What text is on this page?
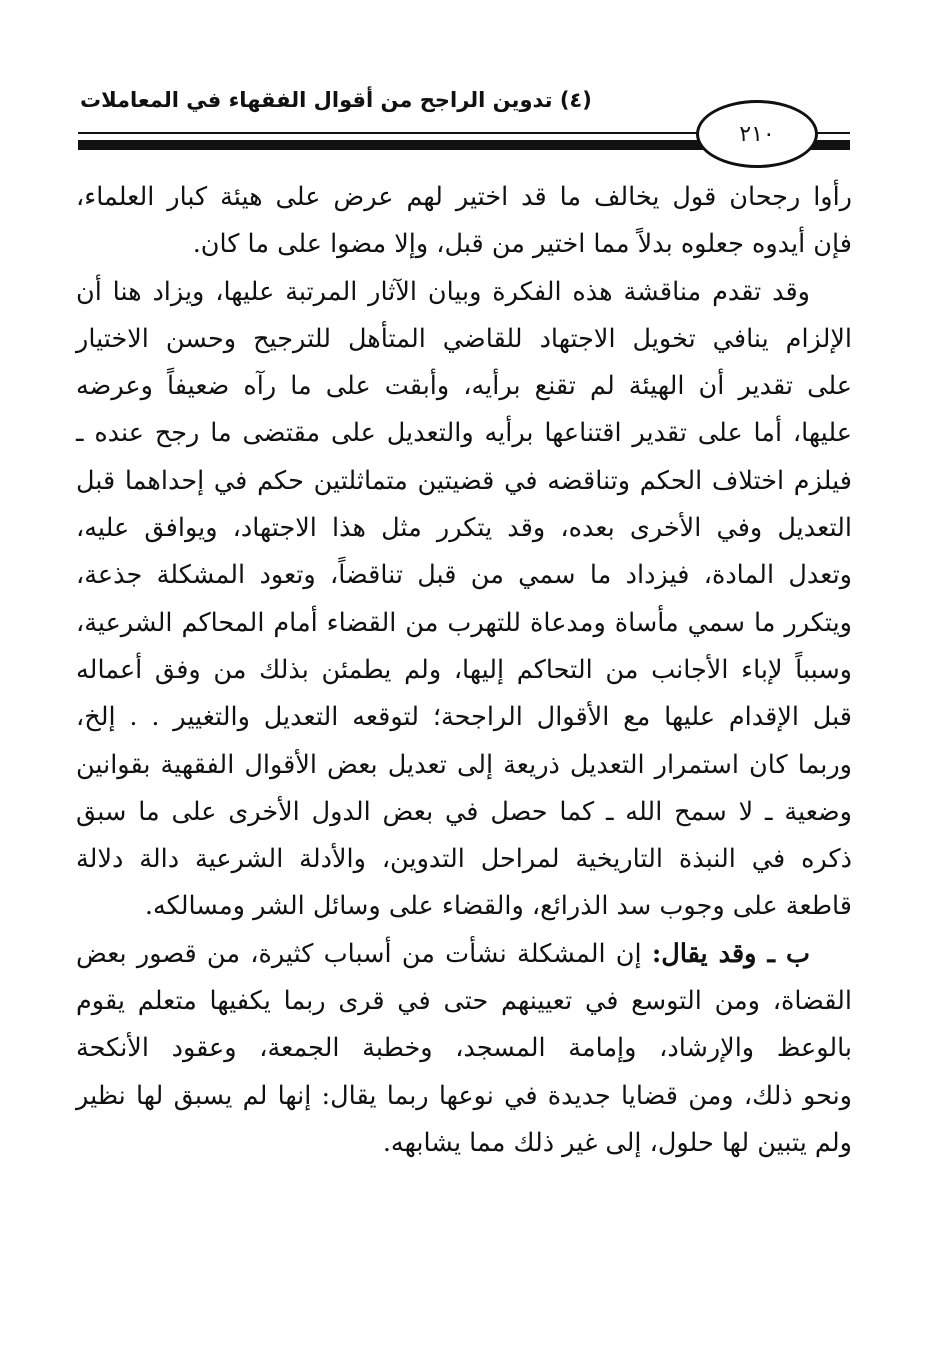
(٤) تدوين الراجح من أقوال الفقهاء في المعاملات
٢١٠
رأوا رجحان قول يخالف ما قد اختير لهم عرض على هيئة كبار العلماء،
فإن أيدوه جعلوه بدلاً مما اختير من قبل، وإلا مضوا على ما كان.
وقد تقدم مناقشة هذه الفكرة وبيان الآثار المرتبة عليها، ويزاد هنا أن
الإلزام ينافي تخويل الاجتهاد للقاضي المتأهل للترجيح وحسن الاختيار
على تقدير أن الهيئة لم تقنع برأيه، وأبقت على ما رآه ضعيفاً وعرضه
عليها، أما على تقدير اقتناعها برأيه والتعديل على مقتضى ما رجح عنده ـ
فيلزم اختلاف الحكم وتناقضه في قضيتين متماثلتين حكم في إحداهما قبل
التعديل وفي الأخرى بعده، وقد يتكرر مثل هذا الاجتهاد، ويوافق عليه،
وتعدل المادة، فيزداد ما سمي من قبل تناقضاً، وتعود المشكلة جذعة،
ويتكرر ما سمي مأساة ومدعاة للتهرب من القضاء أمام المحاكم الشرعية،
وسبباً لإباء الأجانب من التحاكم إليها، ولم يطمئن بذلك من وفق أعماله
قبل الإقدام عليها مع الأقوال الراجحة؛ لتوقعه التعديل والتغيير . . إلخ،
وربما كان استمرار التعديل ذريعة إلى تعديل بعض الأقوال الفقهية بقوانين
وضعية ـ لا سمح الله ـ كما حصل في بعض الدول الأخرى على ما سبق
ذكره في النبذة التاريخية لمراحل التدوين، والأدلة الشرعية دالة دلالة
قاطعة على وجوب سد الذرائع، والقضاء على وسائل الشر ومسالكه.
ب ـ وقد يقال: إن المشكلة نشأت من أسباب كثيرة، من قصور بعض
القضاة، ومن التوسع في تعيينهم حتى في قرى ربما يكفيها متعلم يقوم
بالوعظ والإرشاد، وإمامة المسجد، وخطبة الجمعة، وعقود الأنكحة
ونحو ذلك، ومن قضايا جديدة في نوعها ربما يقال: إنها لم يسبق لها نظير
ولم يتبين لها حلول، إلى غير ذلك مما يشابهه.
